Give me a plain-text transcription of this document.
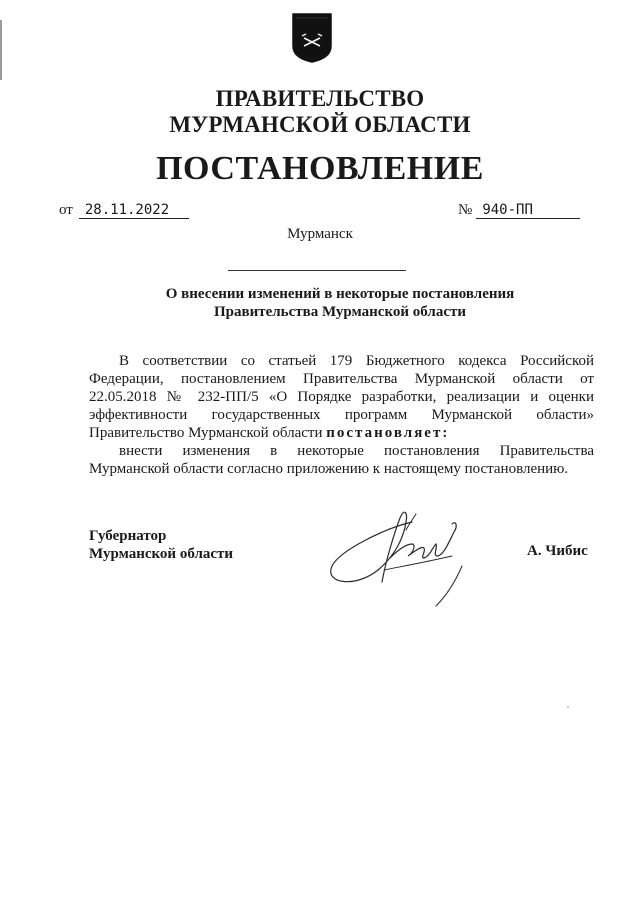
ПРАВИТЕЛЬСТВО
МУРМАНСКОЙ ОБЛАСТИ
ПОСТАНОВЛЕНИЕ
от 28.11.2022	№ 940-ПП
Мурманск
О внесении изменений в некоторые постановления
Правительства Мурманской области

В соответствии со статьей 179 Бюджетного кодекса Российской Федерации, постановлением Правительства Мурманской области от 22.05.2018 № 232-ПП/5 «О Порядке разработки, реализации и оценки эффективности государственных программ Мурманской области» Правительство Мурманской области постановляет:

внести изменения в некоторые постановления Правительства Мурманской области согласно приложению к настоящему постановлению.

Губернатор
Мурманской области	А. Чибис
